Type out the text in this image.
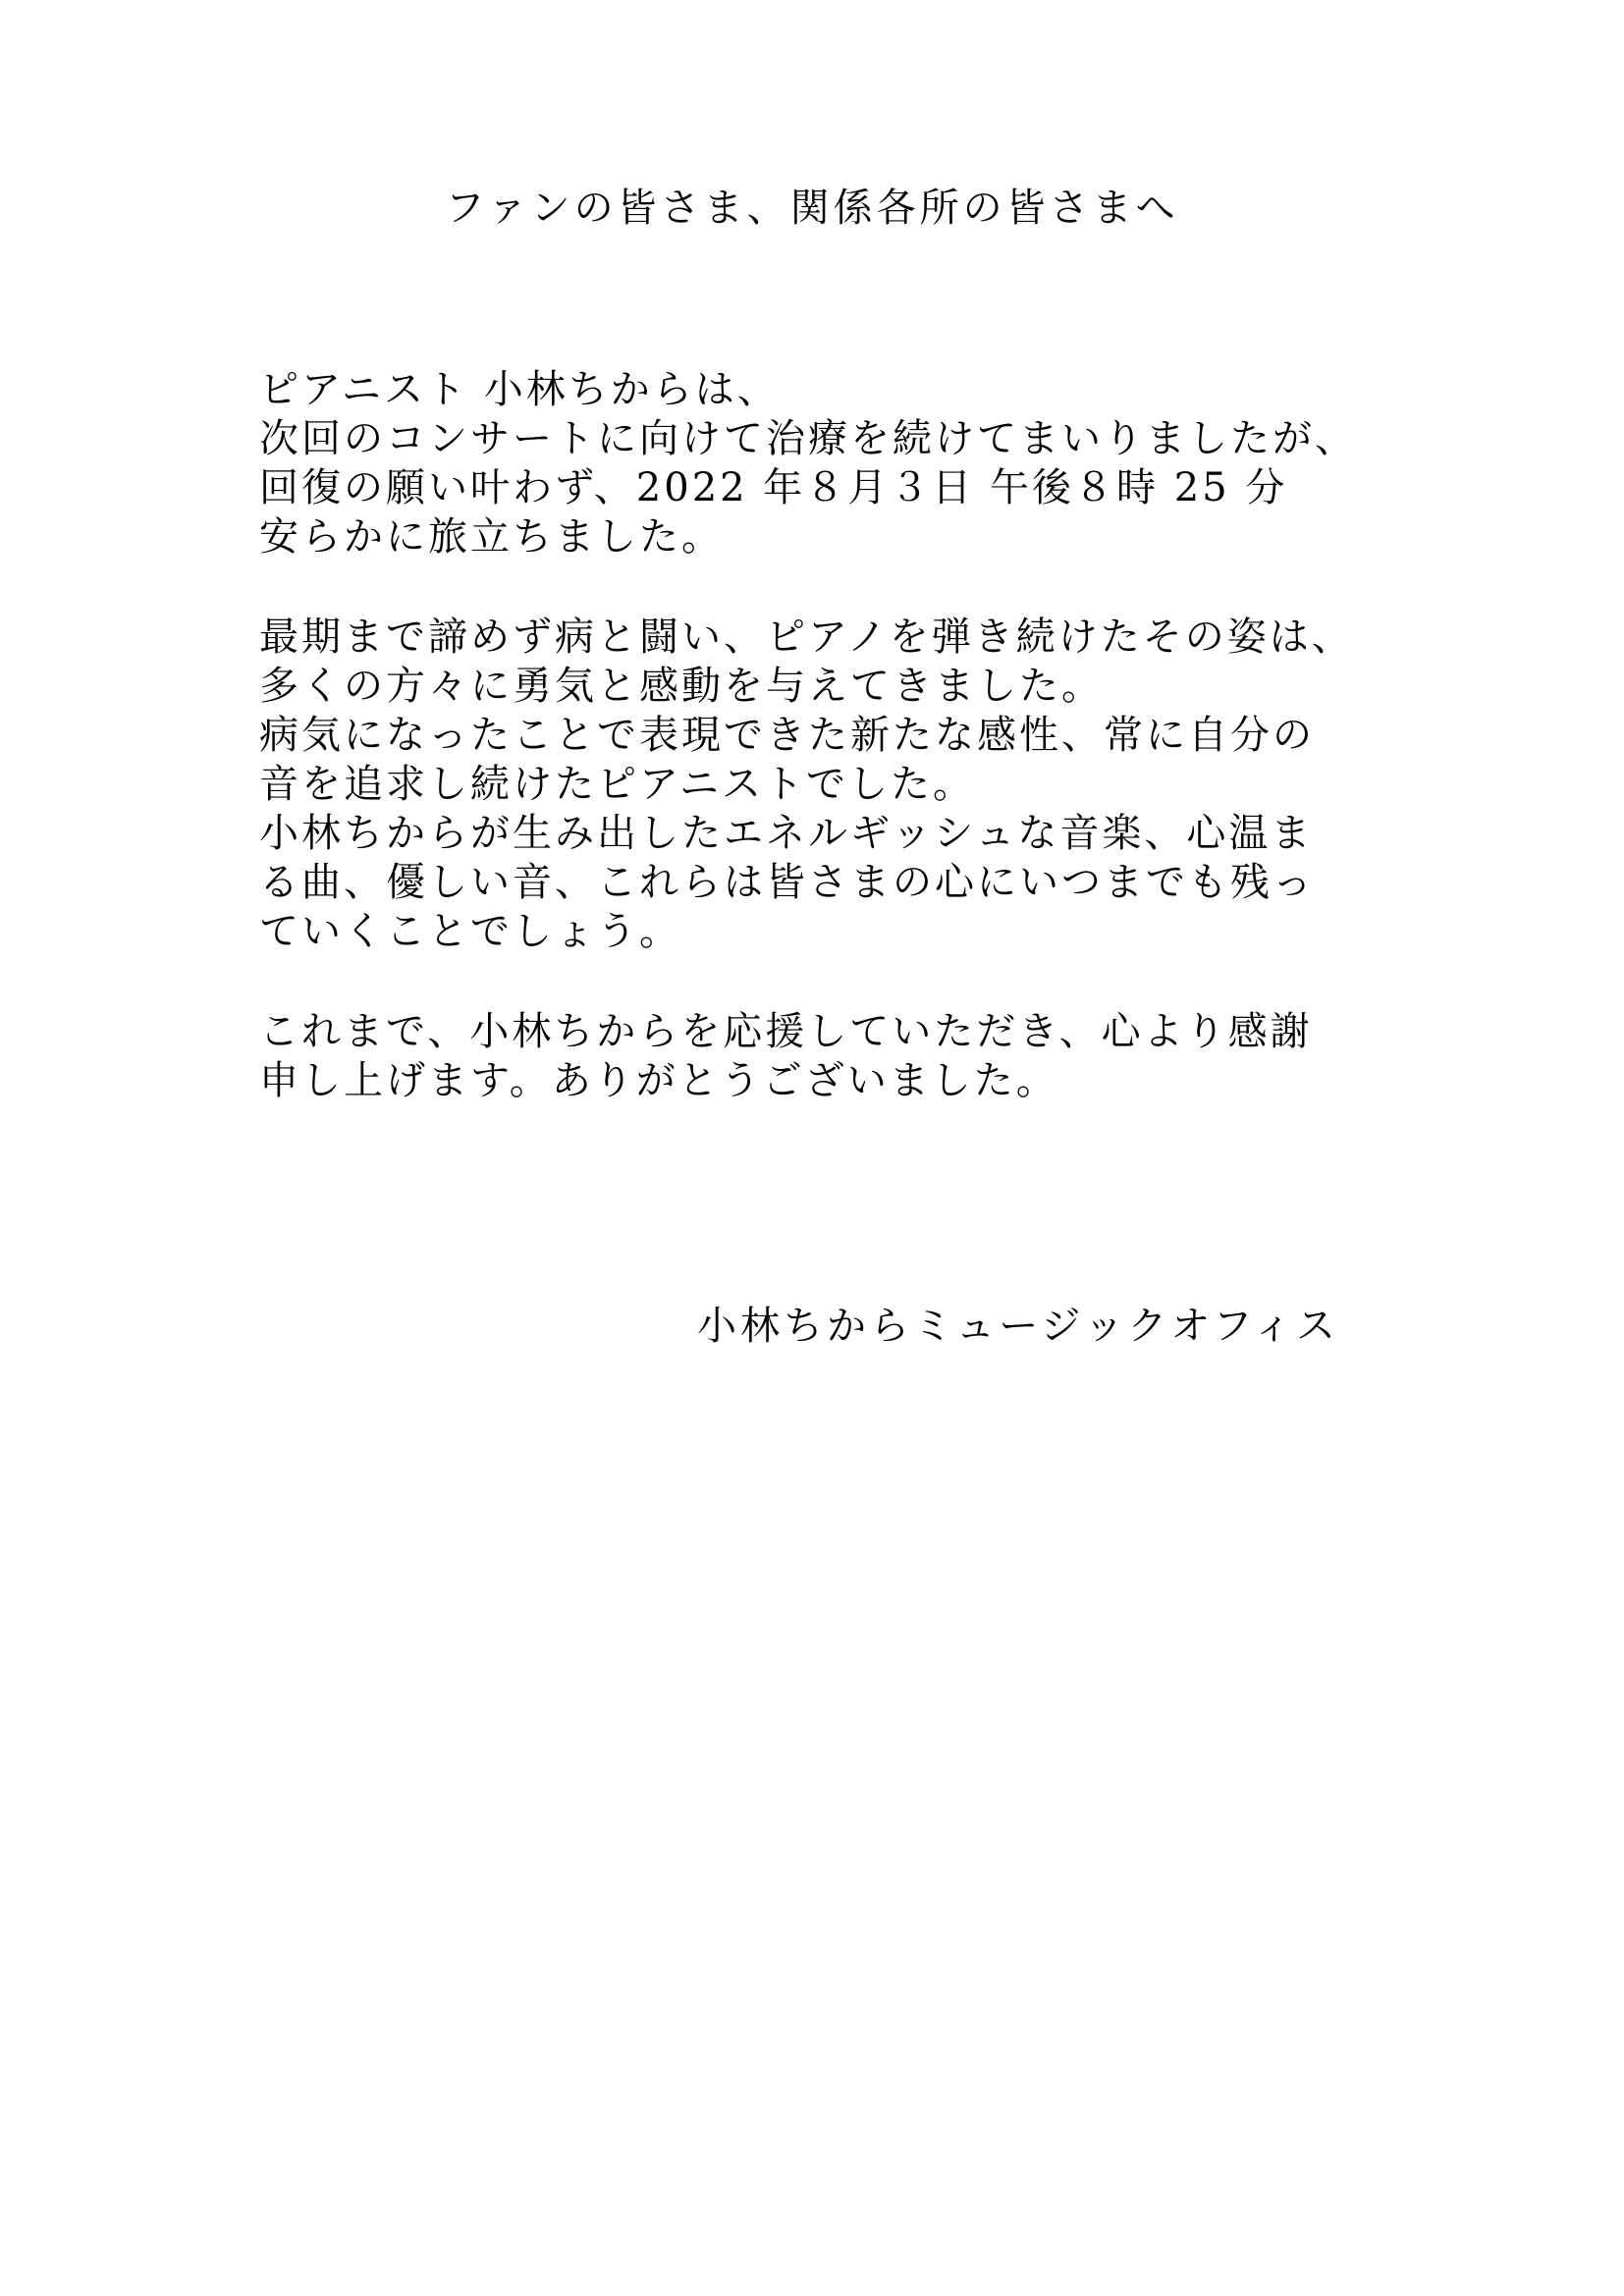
ファンの皆さま、関係各所の皆さまへ
ピアニスト 小林ちからは、
次回のコンサートに向けて治療を続けてまいりましたが、
回復の願い叶わず、2022 年８月３日 午後８時 25 分
安らかに旅立ちました。
最期まで諦めず病と闘い、ピアノを弾き続けたその姿は、
多くの方々に勇気と感動を与えてきました。
病気になったことで表現できた新たな感性、常に自分の
音を追求し続けたピアニストでした。
小林ちからが生み出したエネルギッシュな音楽、心温ま
る曲、優しい音、これらは皆さまの心にいつまでも残っ
ていくことでしょう。
これまで、小林ちからを応援していただき、心より感謝
申し上げます。ありがとうございました。
小林ちからミュージックオフィス
